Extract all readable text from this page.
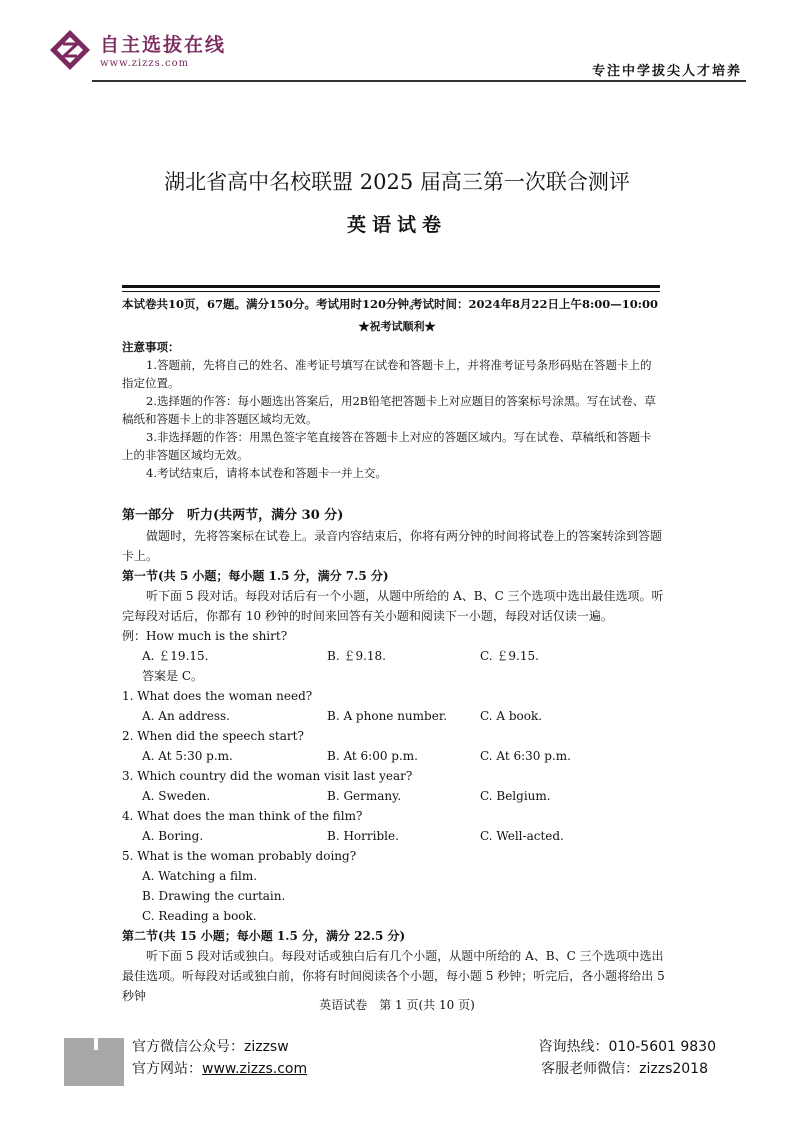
自主选拔在线
www.zizzs.com
专注中学拔尖人才培养
湖北省高中名校联盟 2025 届高三第一次联合测评
英语试卷
本试卷共10页，67题。满分150分。考试用时120分钟。
考试时间：2024年8月22日上午8:00—10:00
★祝考试顺利★
注意事项：

1.答题前，先将自己的姓名、准考证号填写在试卷和答题卡上，并将准考证号条形码贴在答题卡上的指定位置。

2.选择题的作答：每小题选出答案后，用2B铅笔把答题卡上对应题目的答案标号涂黑。写在试卷、草稿纸和答题卡上的非答题区域均无效。

3.非选择题的作答：用黑色签字笔直接答在答题卡上对应的答题区域内。写在试卷、草稿纸和答题卡上的非答题区域均无效。

4.考试结束后，请将本试卷和答题卡一并上交。

第一部分　听力(共两节，满分 30 分)

做题时，先将答案标在试卷上。录音内容结束后，你将有两分钟的时间将试卷上的答案转涂到答题卡上。

第一节(共 5 小题；每小题 1.5 分，满分 7.5 分)

听下面 5 段对话。每段对话后有一个小题，从题中所给的 A、B、C 三个选项中选出最佳选项。听完每段对话后，你都有 10 秒钟的时间来回答有关小题和阅读下一小题，每段对话仅读一遍。

例：How much is the shirt?

A. ￡19.15.	B. ￡9.18.	C. ￡9.15.

答案是 C。

1. What does the woman need?

A. An address.	B. A phone number.	C. A book.

2. When did the speech start?

A. At 5:30 p.m.	B. At 6:00 p.m.	C. At 6:30 p.m.

3. Which country did the woman visit last year?

A. Sweden.	B. Germany.	C. Belgium.

4. What does the man think of the film?

A. Boring.	B. Horrible.	C. Well-acted.

5. What is the woman probably doing?

A. Watching a film.

B. Drawing the curtain.

C. Reading a book.

第二节(共 15 小题；每小题 1.5 分，满分 22.5 分)

听下面 5 段对话或独白。每段对话或独白后有几个小题，从题中所给的 A、B、C 三个选项中选出最佳选项。听每段对话或独白前，你将有时间阅读各个小题，每小题 5 秒钟；听完后，各小题将给出 5 秒钟

英语试卷　第 1 页(共 10 页)
官方微信公众号：zizzsw
官方网站：www.zizzs.com
咨询热线：010-5601 9830
客服老师微信：zizzs2018
